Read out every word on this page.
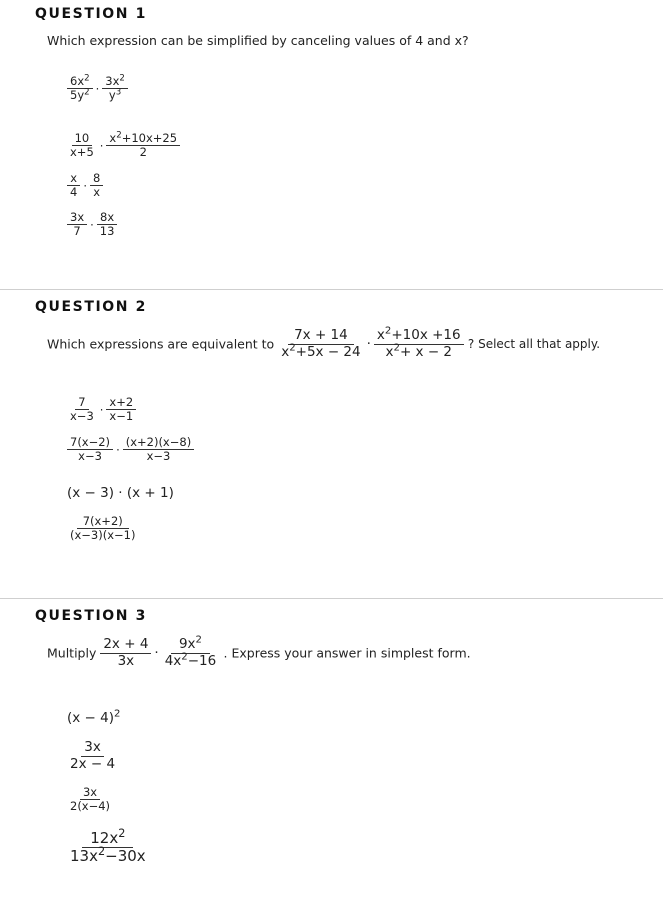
QUESTION 1
Which expression can be simplified by canceling values of 4 and x?
$\frac{6x^2}{5y^2} \cdot \frac{3x^2}{y^3}$
$\frac{10}{x+5} \cdot \frac{x^2+10x+25}{2}$
$\frac{x}{4} \cdot \frac{8}{x}$
$\frac{3x}{7} \cdot \frac{8x}{13}$
QUESTION 2
Which expressions are equivalent to $\frac{7x + 14}{x^2+5x - 24} \cdot \frac{x^2+10x +16}{x^2+ x - 2}$ ? Select all that apply.
$\frac{7}{x-3} \cdot \frac{x+2}{x-1}$
$\frac{7(x-2)}{x-3} \cdot \frac{(x+2)(x-8)}{x-3}$
(x − 3) · (x + 1)
$\frac{7(x+2)}{(x-3)(x-1)}$
QUESTION 3
Multiply $\frac{2x + 4}{3x} \cdot \frac{9x^2}{4x^2-16}$ . Express your answer in simplest form.
$(x - 4)^2$
$\frac{3x}{2x - 4}$
$\frac{3x}{2(x-4)}$
$\frac{12x^2}{13x^2-30x}$
